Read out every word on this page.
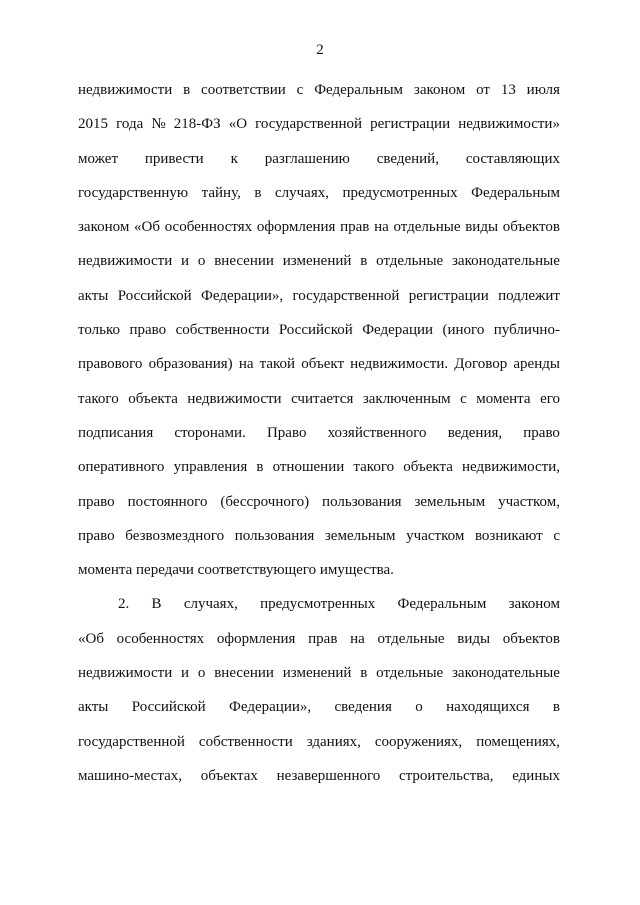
2
недвижимости в соответствии с Федеральным законом от 13 июля
2015 года № 218-ФЗ «О государственной регистрации недвижимости»
может привести к разглашению сведений, составляющих
государственную тайну, в случаях, предусмотренных Федеральным
законом «Об особенностях оформления прав на отдельные виды объектов
недвижимости и о внесении изменений в отдельные законодательные
акты Российской Федерации», государственной регистрации подлежит
только право собственности Российской Федерации (иного публично-
правового образования) на такой объект недвижимости. Договор аренды
такого объекта недвижимости считается заключенным с момента его
подписания сторонами. Право хозяйственного ведения, право
оперативного управления в отношении такого объекта недвижимости,
право постоянного (бессрочного) пользования земельным участком,
право безвозмездного пользования земельным участком возникают с
момента передачи соответствующего имущества.
2. В случаях, предусмотренных Федеральным законом
«Об особенностях оформления прав на отдельные виды объектов
недвижимости и о внесении изменений в отдельные законодательные
акты Российской Федерации», сведения о находящихся в
государственной собственности зданиях, сооружениях, помещениях,
машино-местах, объектах незавершенного строительства, единых
